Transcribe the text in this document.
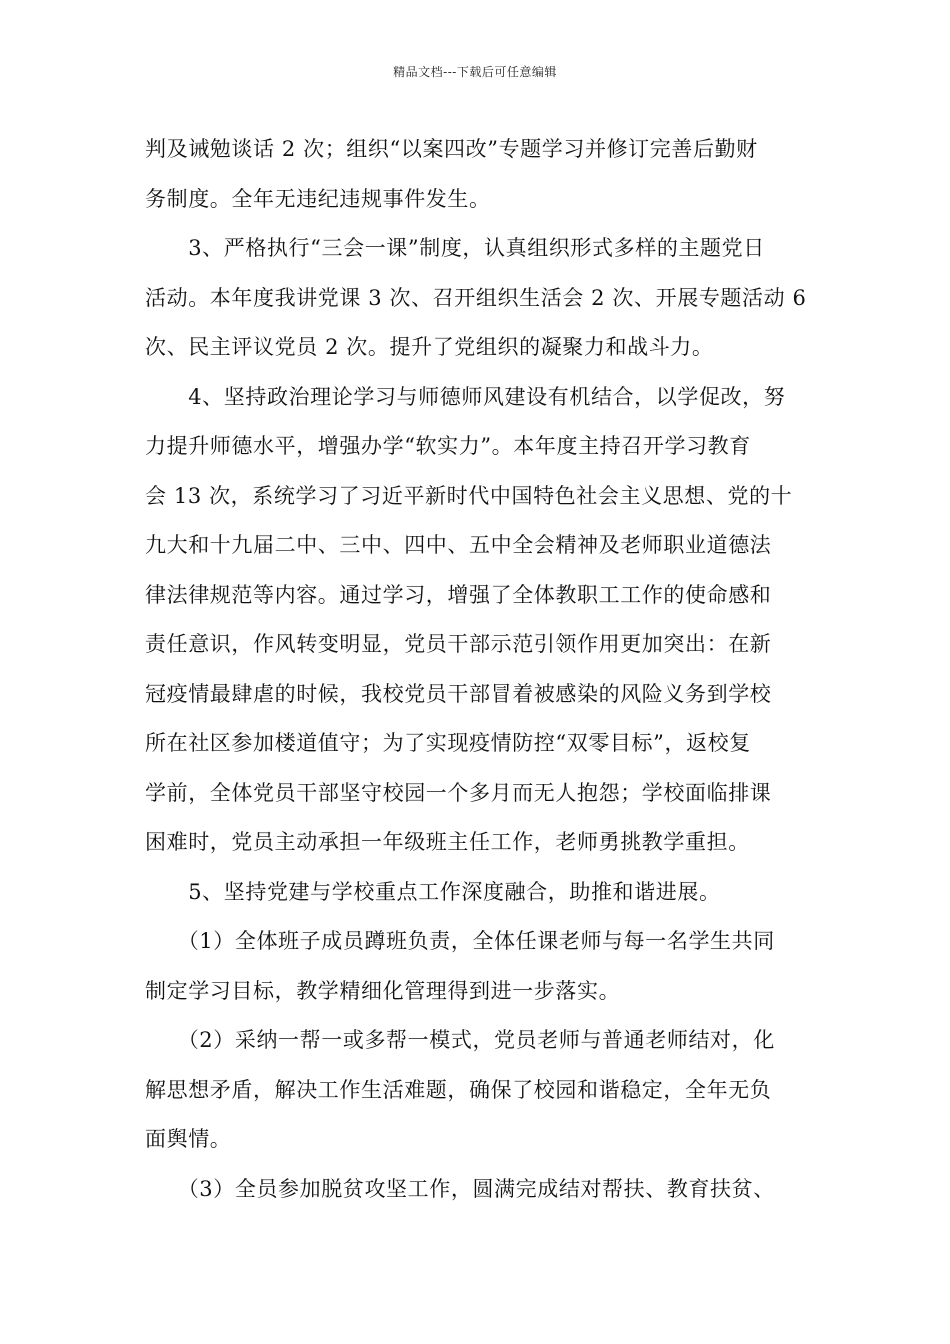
精品文档---下载后可任意编辑
判及诫勉谈话 2 次；组织“以案四改”专题学习并修订完善后勤财
务制度。全年无违纪违规事件发生。
　　3、严格执行“三会一课”制度，认真组织形式多样的主题党日
活动。本年度我讲党课 3 次、召开组织生活会 2 次、开展专题活动 6
次、民主评议党员 2 次。提升了党组织的凝聚力和战斗力。
　　4、坚持政治理论学习与师德师风建设有机结合，以学促改，努
力提升师德水平，增强办学“软实力”。本年度主持召开学习教育
会 13 次，系统学习了习近平新时代中国特色社会主义思想、党的十
九大和十九届二中、三中、四中、五中全会精神及老师职业道德法
律法律规范等内容。通过学习，增强了全体教职工工作的使命感和
责任意识，作风转变明显，党员干部示范引领作用更加突出：在新
冠疫情最肆虐的时候，我校党员干部冒着被感染的风险义务到学校
所在社区参加楼道值守；为了实现疫情防控“双零目标”，返校复
学前，全体党员干部坚守校园一个多月而无人抱怨；学校面临排课
困难时，党员主动承担一年级班主任工作，老师勇挑教学重担。
　　5、坚持党建与学校重点工作深度融合，助推和谐进展。
　　（1）全体班子成员蹲班负责，全体任课老师与每一名学生共同
制定学习目标，教学精细化管理得到进一步落实。
　　（2）采纳一帮一或多帮一模式，党员老师与普通老师结对，化
解思想矛盾，解决工作生活难题，确保了校园和谐稳定，全年无负
面舆情。
　　（3）全员参加脱贫攻坚工作，圆满完成结对帮扶、教育扶贫、
